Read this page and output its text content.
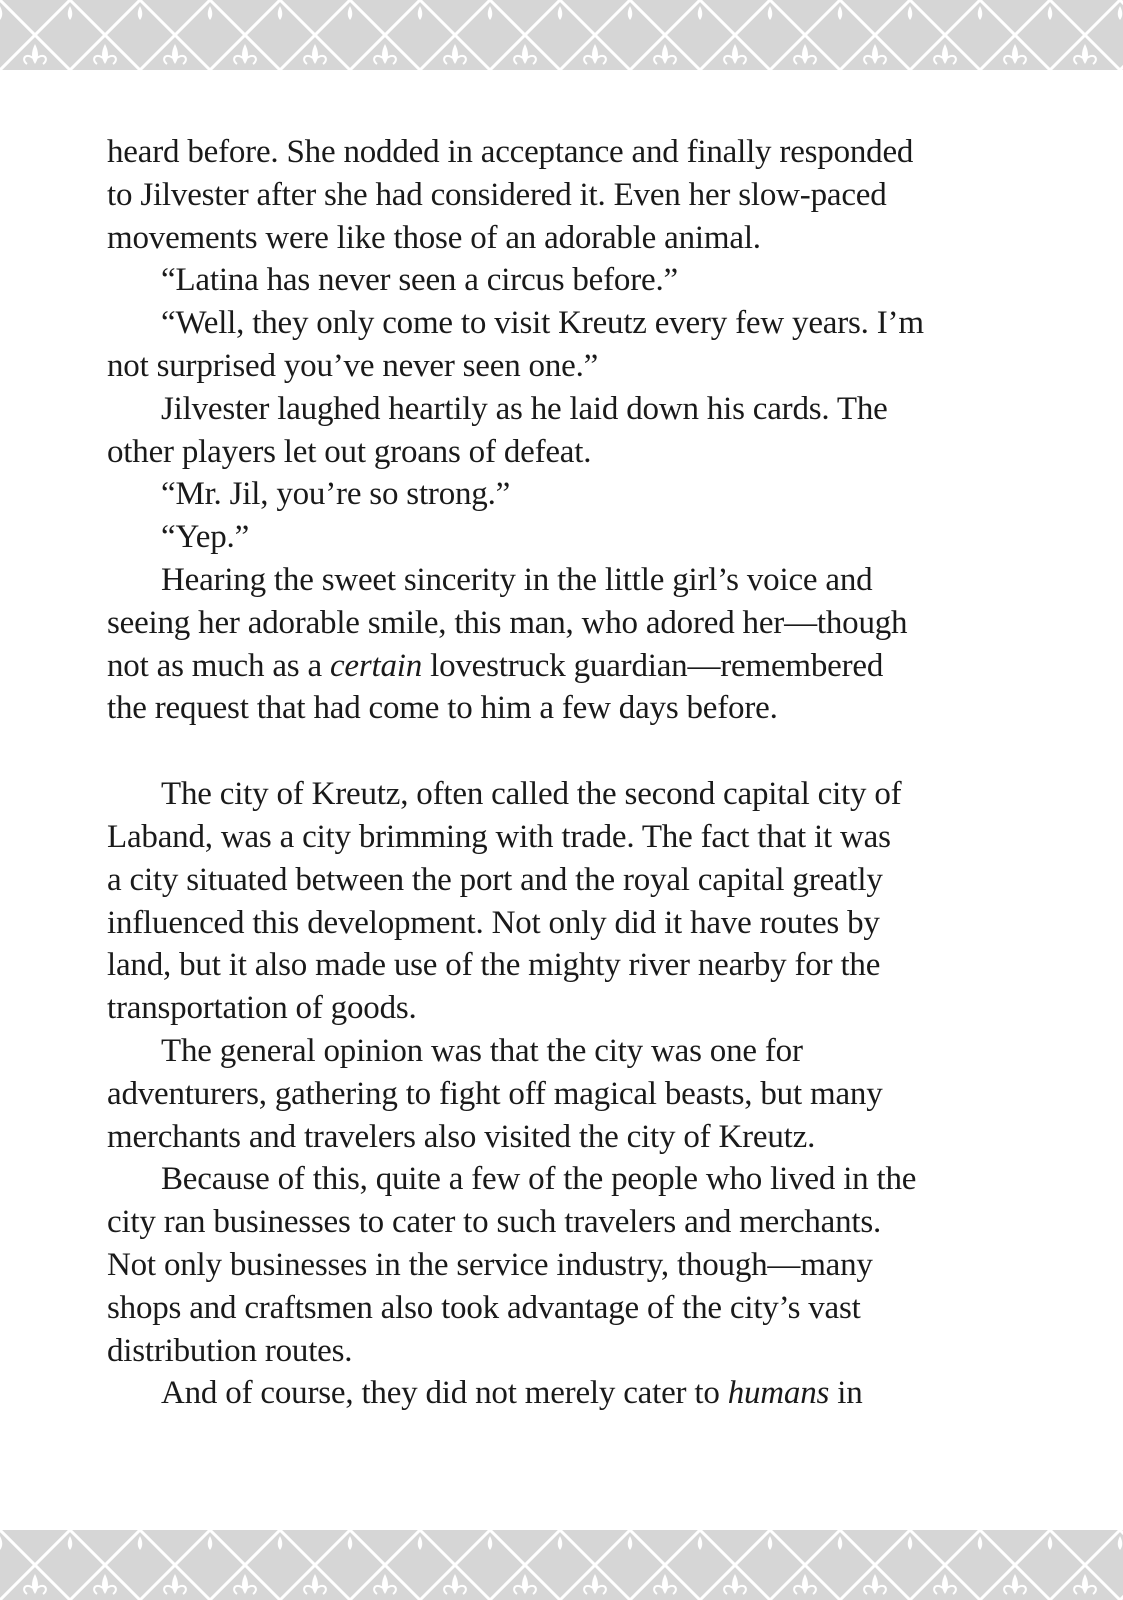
heard before. She nodded in acceptance and finally responded
to Jilvester after she had considered it. Even her slow-paced
movements were like those of an adorable animal.
“Latina has never seen a circus before.”
“Well, they only come to visit Kreutz every few years. I’m
not surprised you’ve never seen one.”
Jilvester laughed heartily as he laid down his cards. The
other players let out groans of defeat.
“Mr. Jil, you’re so strong.”
“Yep.”
Hearing the sweet sincerity in the little girl’s voice and
seeing her adorable smile, this man, who adored her—though
not as much as a certain lovestruck guardian—remembered
the request that had come to him a few days before.
The city of Kreutz, often called the second capital city of
Laband, was a city brimming with trade. The fact that it was
a city situated between the port and the royal capital greatly
influenced this development. Not only did it have routes by
land, but it also made use of the mighty river nearby for the
transportation of goods.
The general opinion was that the city was one for
adventurers, gathering to fight off magical beasts, but many
merchants and travelers also visited the city of Kreutz.
Because of this, quite a few of the people who lived in the
city ran businesses to cater to such travelers and merchants.
Not only businesses in the service industry, though—many
shops and craftsmen also took advantage of the city’s vast
distribution routes.
And of course, they did not merely cater to humans in
